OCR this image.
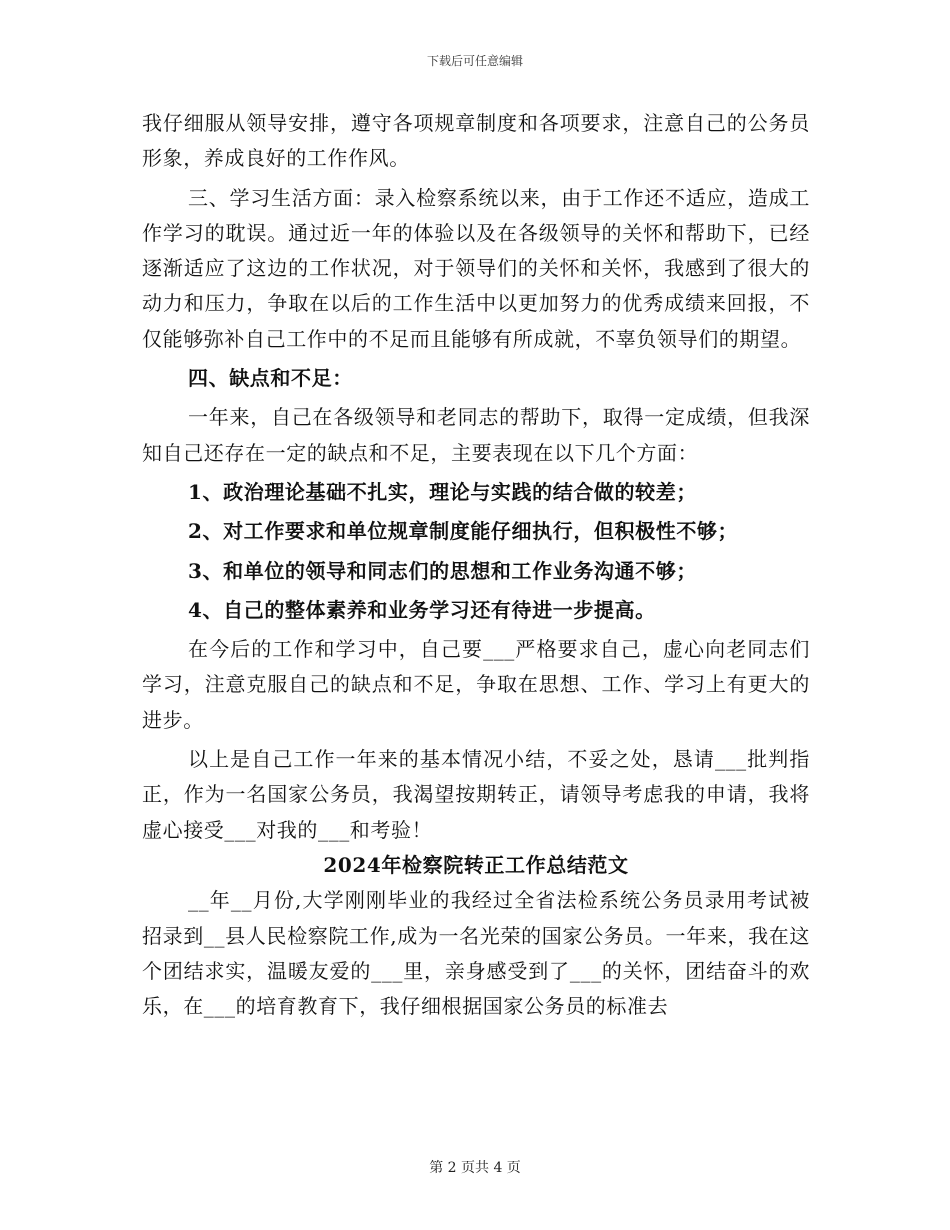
下载后可任意编辑

我仔细服从领导安排，遵守各项规章制度和各项要求，注意自己的公务员形象，养成良好的工作作风。

三、学习生活方面：录入检察系统以来，由于工作还不适应，造成工作学习的耽误。通过近一年的体验以及在各级领导的关怀和帮助下，已经逐渐适应了这边的工作状况，对于领导们的关怀和关怀，我感到了很大的动力和压力，争取在以后的工作生活中以更加努力的优秀成绩来回报，不仅能够弥补自己工作中的不足而且能够有所成就，不辜负领导们的期望。

四、缺点和不足：

一年来，自己在各级领导和老同志的帮助下，取得一定成绩，但我深知自己还存在一定的缺点和不足，主要表现在以下几个方面：

1、政治理论基础不扎实，理论与实践的结合做的较差；

2、对工作要求和单位规章制度能仔细执行，但积极性不够；

3、和单位的领导和同志们的思想和工作业务沟通不够；

4、自己的整体素养和业务学习还有待进一步提高。

在今后的工作和学习中，自己要___严格要求自己，虚心向老同志们学习，注意克服自己的缺点和不足，争取在思想、工作、学习上有更大的进步。

以上是自己工作一年来的基本情况小结，不妥之处，恳请___批判指正，作为一名国家公务员，我渴望按期转正，请领导考虑我的申请，我将虚心接受___对我的___和考验！

2024年检察院转正工作总结范文

__年__月份,大学刚刚毕业的我经过全省法检系统公务员录用考试被招录到__县人民检察院工作,成为一名光荣的国家公务员。一年来，我在这个团结求实，温暖友爱的___里，亲身感受到了___的关怀，团结奋斗的欢乐，在___的培育教育下，我仔细根据国家公务员的标准去

第 2 页共 4 页
